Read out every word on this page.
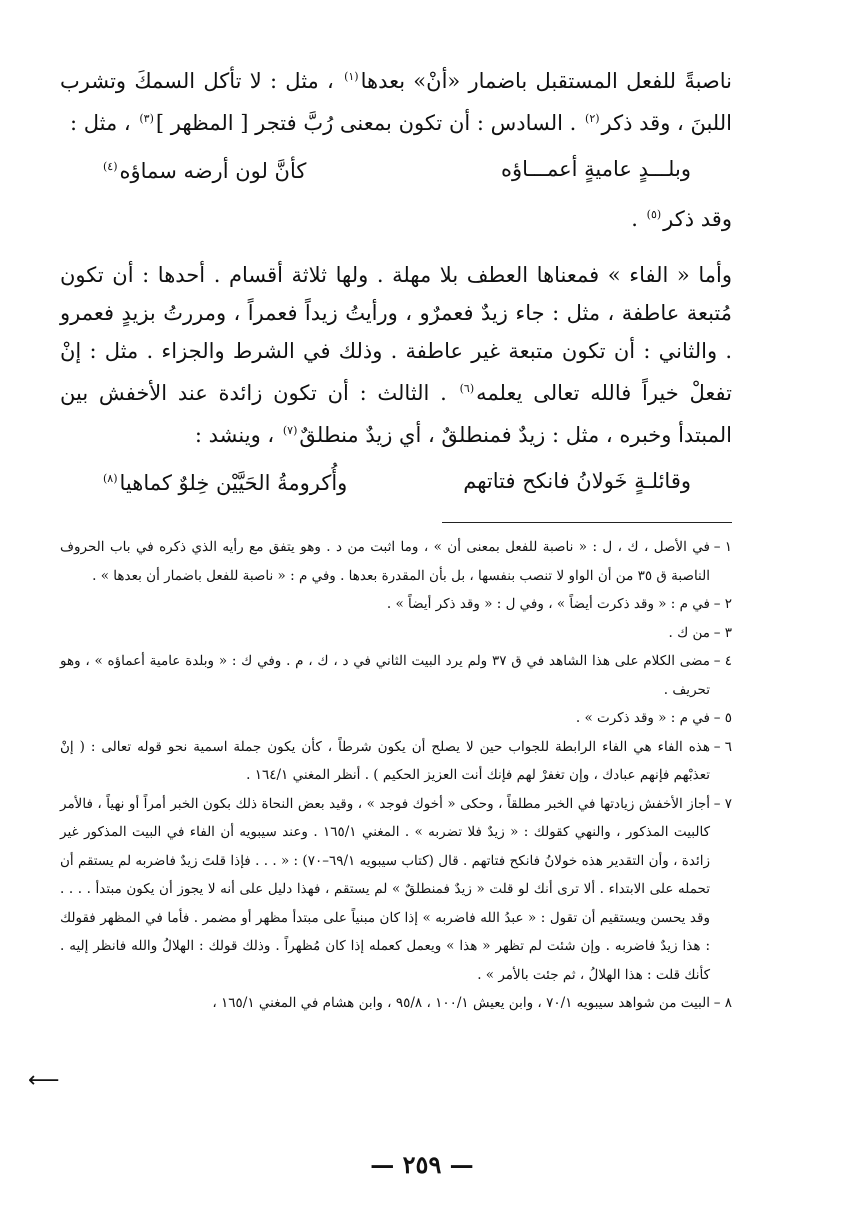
ناصبةً للفعل المستقبل باضمار «أنْ» بعدها$^{(١)}$ ، مثل : لا تأكل السمكَ وتشرب اللبنَ ، وقد ذكر$^{(٢)}$ . السادس : أن تكون بمعنى رُبَّ فتجر [ المظهر ]$^{(٣)}$ ، مثل :

وبلـــدٍ عاميةٍ أعمـــاؤه
كأنَّ لون أرضه سماؤه$^{(٤)}$

وقد ذكر$^{(٥)}$ .

وأما « الفاء » فمعناها العطف بلا مهلة . ولها ثلاثة أقسام . أحدها : أن تكون مُتبعة عاطفة ، مثل : جاء زيدٌ فعمرٌو ، ورأيتُ زيداً فعمراً ، ومررتُ بزيدٍ فعمرو . والثاني : أن تكون متبعة غير عاطفة . وذلك في الشرط والجزاء . مثل : إنْ تفعلْ خيراً فالله تعالى يعلمه$^{(٦)}$ . الثالث : أن تكون زائدة عند الأخفش بين المبتدأ وخبره ، مثل : زيدٌ فمنطلقٌ ، أي زيدٌ منطلقٌ$^{(٧)}$ ، وينشد :

وقائلـةٍ خَولانُ فانكح فتاتهم
وأُكرومةُ الحَيَّيْن خِلوٌ كماهيا$^{(٨)}$
١ –
في الأصل ، ك ، ل : « ناصبة للفعل بمعنى أن » ، وما اثبت من د . وهو يتفق مع رأيه الذي ذكره في باب الحروف الناصبة ق ٣٥ من أن الواو لا تنصب بنفسها ، بل بأن المقدرة بعدها . وفي م : « ناصبة للفعل باضمار أن بعدها » .
٢ –
في م : « وقد ذكرت أيضاً » ، وفي ل : « وقد ذكر أيضاً » .
٣ –
من ك .
٤ –
مضى الكلام على هذا الشاهد في ق ٣٧ ولم يرد البيت الثاني في د ، ك ، م . وفي ك : « وبلدة عامية أعماؤه » ، وهو تحريف .
٥ –
في م : « وقد ذكرت » .
٦ –
هذه الفاء هي الفاء الرابطة للجواب حين لا يصلح أن يكون شرطاً ، كأن يكون جملة اسمية نحو قوله تعالى : ( إنْ تعذبْهم فإنهم عبادك ، وإن تغفرْ لهم فإنك أنت العزيز الحكيم ) . أنظر المغني ١٦٤/١ .
٧ –
أجاز الأخفش زيادتها في الخبر مطلقاً ، وحكى « أخوك فوجد » ، وقيد بعض النحاة ذلك بكون الخبر أمراً أو نهياً ، فالأمر كالبيت المذكور ، والنهي كقولك : « زيدٌ فلا تضربه » . المغني ١٦٥/١ . وعند سيبويه أن الفاء في البيت المذكور غير زائدة ، وأن التقدير هذه خولانُ فانكح فتاتهم . قال (كتاب سيبويه ٦٩/١–٧٠) : « . . . فإذا قلتَ زيدٌ فاضربه لم يستقم أن تحمله على الابتداء . ألا ترى أنك لو قلت « زيدٌ فمنطلقٌ » لم يستقم ، فهذا دليل على أنه لا يجوز أن يكون مبتدأ . . . . وقد يحسن ويستقيم أن تقول : « عبدُ الله فاضربه » إذا كان مبنياً على مبتدأ مظهر أو مضمر . فأما في المظهر فقولك : هذا زيدٌ فاضربه . وإن شئت لم تظهر « هذا » ويعمل كعمله إذا كان مُظهراً . وذلك قولك : الهلالُ والله فانظر إليه . كأنك قلت : هذا الهلالُ ، ثم جئت بالأمر » .
٨ –
البيت من شواهد سيبويه ٧٠/١ ، وابن يعيش ١٠٠/١ ، ٩٥/٨ ، وابن هشام في المغني ١٦٥/١ ،
⟵
— ٢٥٩ —
